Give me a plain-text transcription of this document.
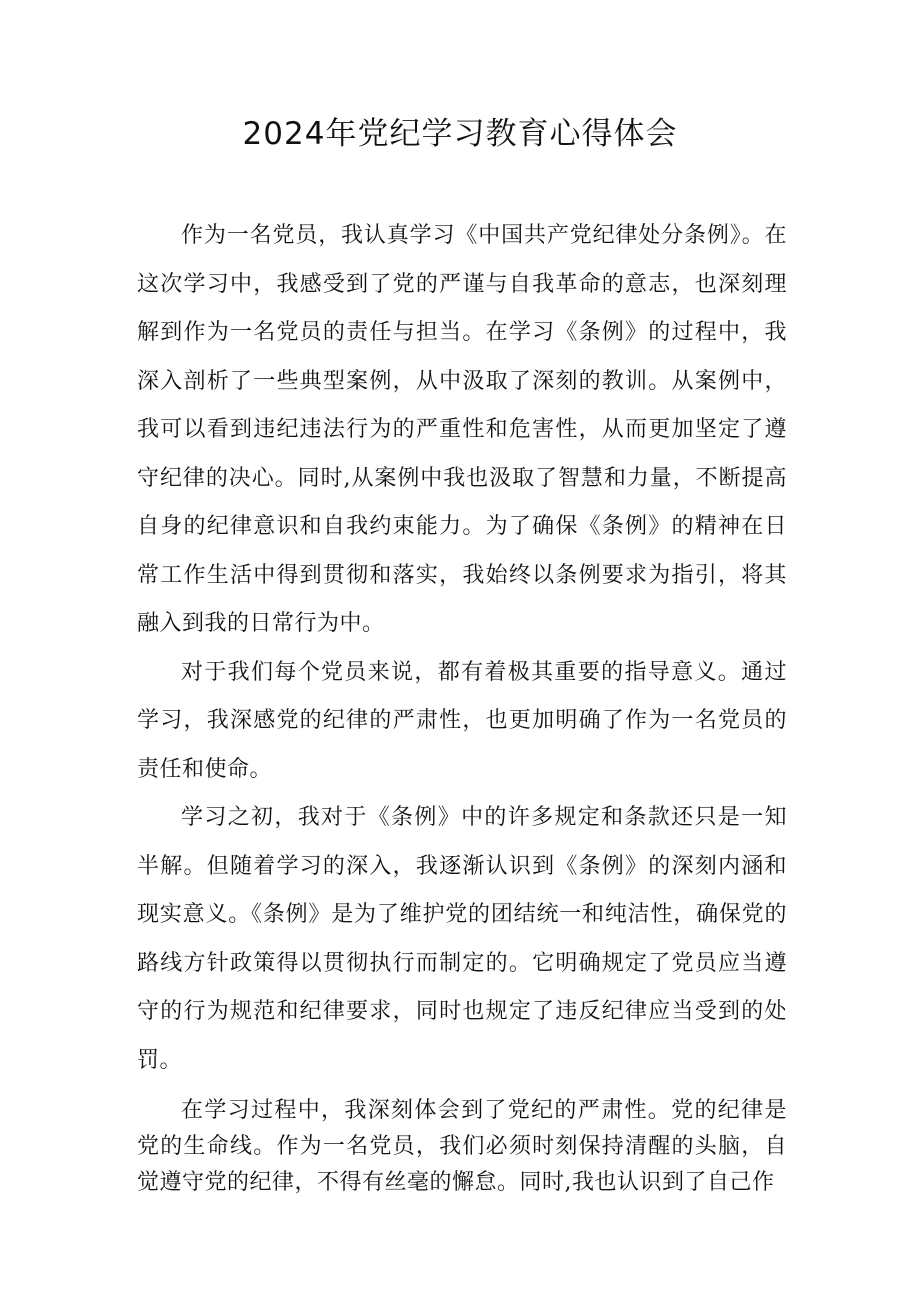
2024年党纪学习教育心得体会

作为一名党员，我认真学习《中国共产党纪律处分条例》。在这次学习中，我感受到了党的严谨与自我革命的意志，也深刻理解到作为一名党员的责任与担当。在学习《条例》的过程中，我深入剖析了一些典型案例，从中汲取了深刻的教训。从案例中，我可以看到违纪违法行为的严重性和危害性，从而更加坚定了遵守纪律的决心。同时,从案例中我也汲取了智慧和力量，不断提高自身的纪律意识和自我约束能力。为了确保《条例》的精神在日常工作生活中得到贯彻和落实，我始终以条例要求为指引，将其融入到我的日常行为中。

对于我们每个党员来说，都有着极其重要的指导意义。通过学习，我深感党的纪律的严肃性，也更加明确了作为一名党员的责任和使命。

学习之初，我对于《条例》中的许多规定和条款还只是一知半解。但随着学习的深入，我逐渐认识到《条例》的深刻内涵和现实意义。《条例》是为了维护党的团结统一和纯洁性，确保党的路线方针政策得以贯彻执行而制定的。它明确规定了党员应当遵守的行为规范和纪律要求，同时也规定了违反纪律应当受到的处罚。

在学习过程中，我深刻体会到了党纪的严肃性。党的纪律是党的生命线。作为一名党员，我们必须时刻保持清醒的头脑，自觉遵守党的纪律，不得有丝毫的懈怠。同时,我也认识到了自己作
